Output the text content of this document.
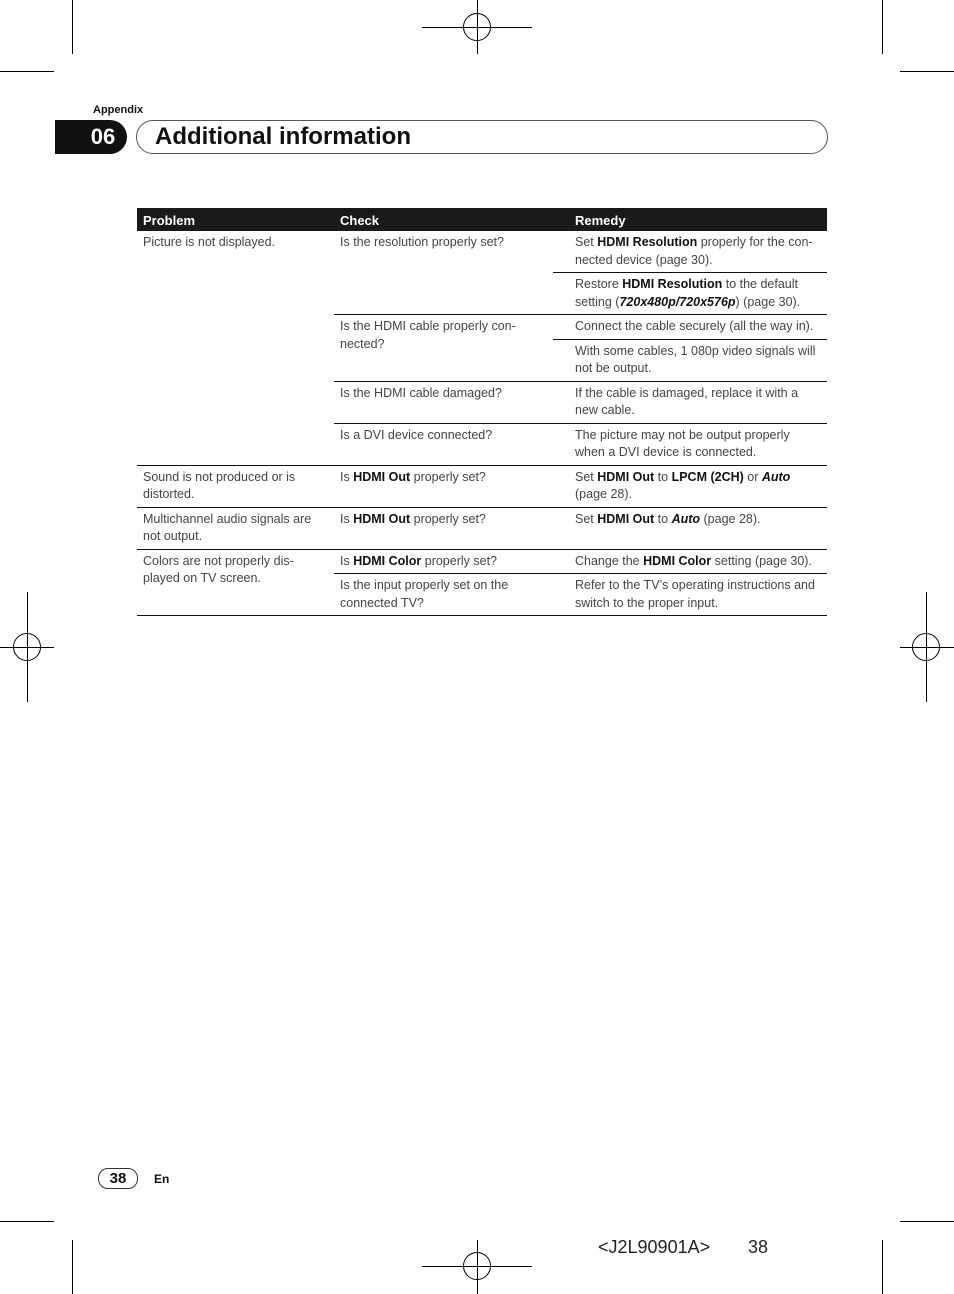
Appendix
06	Additional information
Problem	Check	Remedy
Picture is not displayed.	Is the resolution properly set?	Set HDMI Resolution properly for the con-nected device (page 30).
		Restore HDMI Resolution to the default setting (720x480p/720x576p) (page 30).
	Is the HDMI cable properly con-nected?	Connect the cable securely (all the way in).
		With some cables, 1 080p video signals will not be output.
	Is the HDMI cable damaged?	If the cable is damaged, replace it with a new cable.
	Is a DVI device connected?	The picture may not be output properly when a DVI device is connected.
Sound is not produced or is distorted.	Is HDMI Out properly set?	Set HDMI Out to LPCM (2CH) or Auto (page 28).
Multichannel audio signals are not output.	Is HDMI Out properly set?	Set HDMI Out to Auto (page 28).
Colors are not properly dis-played on TV screen.	Is HDMI Color properly set?	Change the HDMI Color setting (page 30).
	Is the input properly set on the connected TV?	Refer to the TV’s operating instructions and switch to the proper input.
38	En
<J2L90901A> 38
